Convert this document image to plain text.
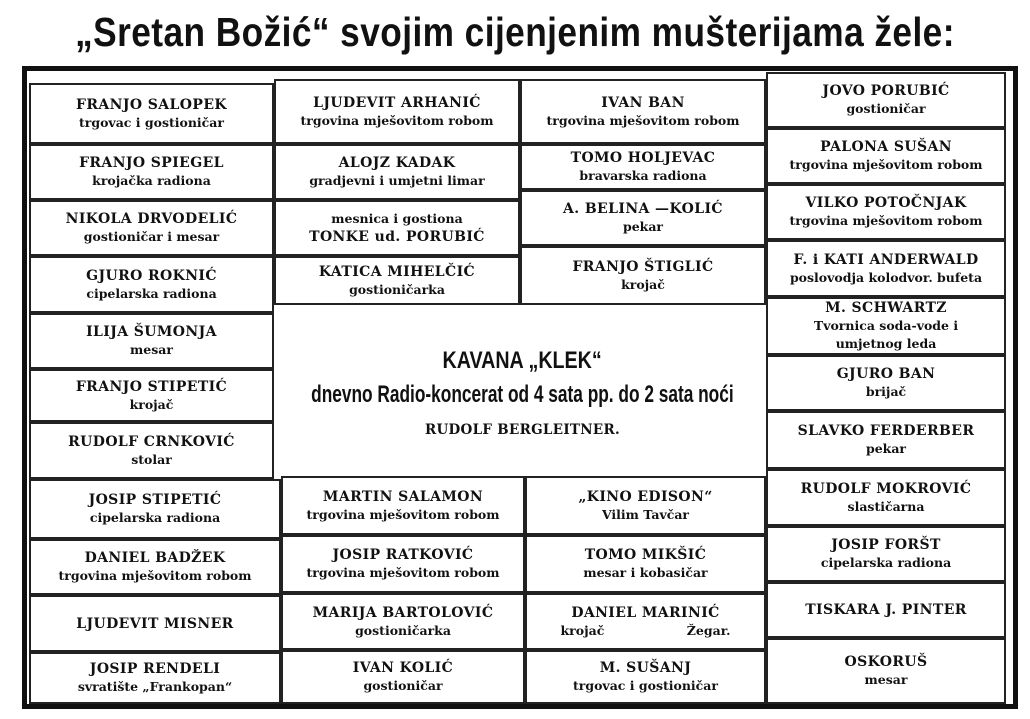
„Sretan Božić“ svojim cijenjenim mušterijama žele:
FRANJO SALOPEK
trgovac i gostioničar
FRANJO SPIEGEL
krojačka radiona
NIKOLA DRVODELIĆ
gostioničar i mesar
GJURO ROKNIĆ
cipelarska radiona
ILIJA ŠUMONJA
mesar
FRANJO STIPETIĆ
krojač
RUDOLF CRNKOVIĆ
stolar
JOSIP STIPETIĆ
cipelarska radiona
DANIEL BADŽEK
trgovina mješovitom robom
LJUDEVIT MISNER
JOSIP RENDELI
svratište „Frankopan“
LJUDEVIT ARHANIĆ
trgovina mješovitom robom
ALOJZ KADAK
gradjevni i umjetni limar
mesnica i gostiona
TONKE ud. PORUBIĆ
KATICA MIHELČIĆ
gostioničarka
IVAN BAN
trgovina mješovitom robom
TOMO HOLJEVAC
bravarska radiona
A. BELINA —KOLIĆ
pekar
FRANJO ŠTIGLIĆ
krojač
JOVO PORUBIĆ
gostioničar
PALONA SUŠAN
trgovina mješovitom robom
VILKO POTOČNJAK
trgovina mješovitom robom
F. i KATI ANDERWALD
poslovodja kolodvor. bufeta
M. SCHWARTZ
Tvornica soda-vode i
umjetnog leda
GJURO BAN
brijač
SLAVKO FERDERBER
pekar
RUDOLF MOKROVIĆ
slastičarna
JOSIP FORŠT
cipelarska radiona
TISKARA J. PINTER
OSKORUŠ
mesar
KAVANA „KLEK“
dnevno Radio-koncerat od 4 sata pp. do 2 sata noći
RUDOLF BERGLEITNER.
MARTIN SALAMON
trgovina mješovitom robom
JOSIP RATKOVIĆ
trgovina mješovitom robom
MARIJA BARTOLOVIĆ
gostioničarka
IVAN KOLIĆ
gostioničar
„KINO EDISON“
Vilim Tavčar
TOMO MIKŠIĆ
mesar i kobasičar
DANIEL MARINIĆ
krojač	Žegar.
M. SUŠANJ
trgovac i gostioničar
